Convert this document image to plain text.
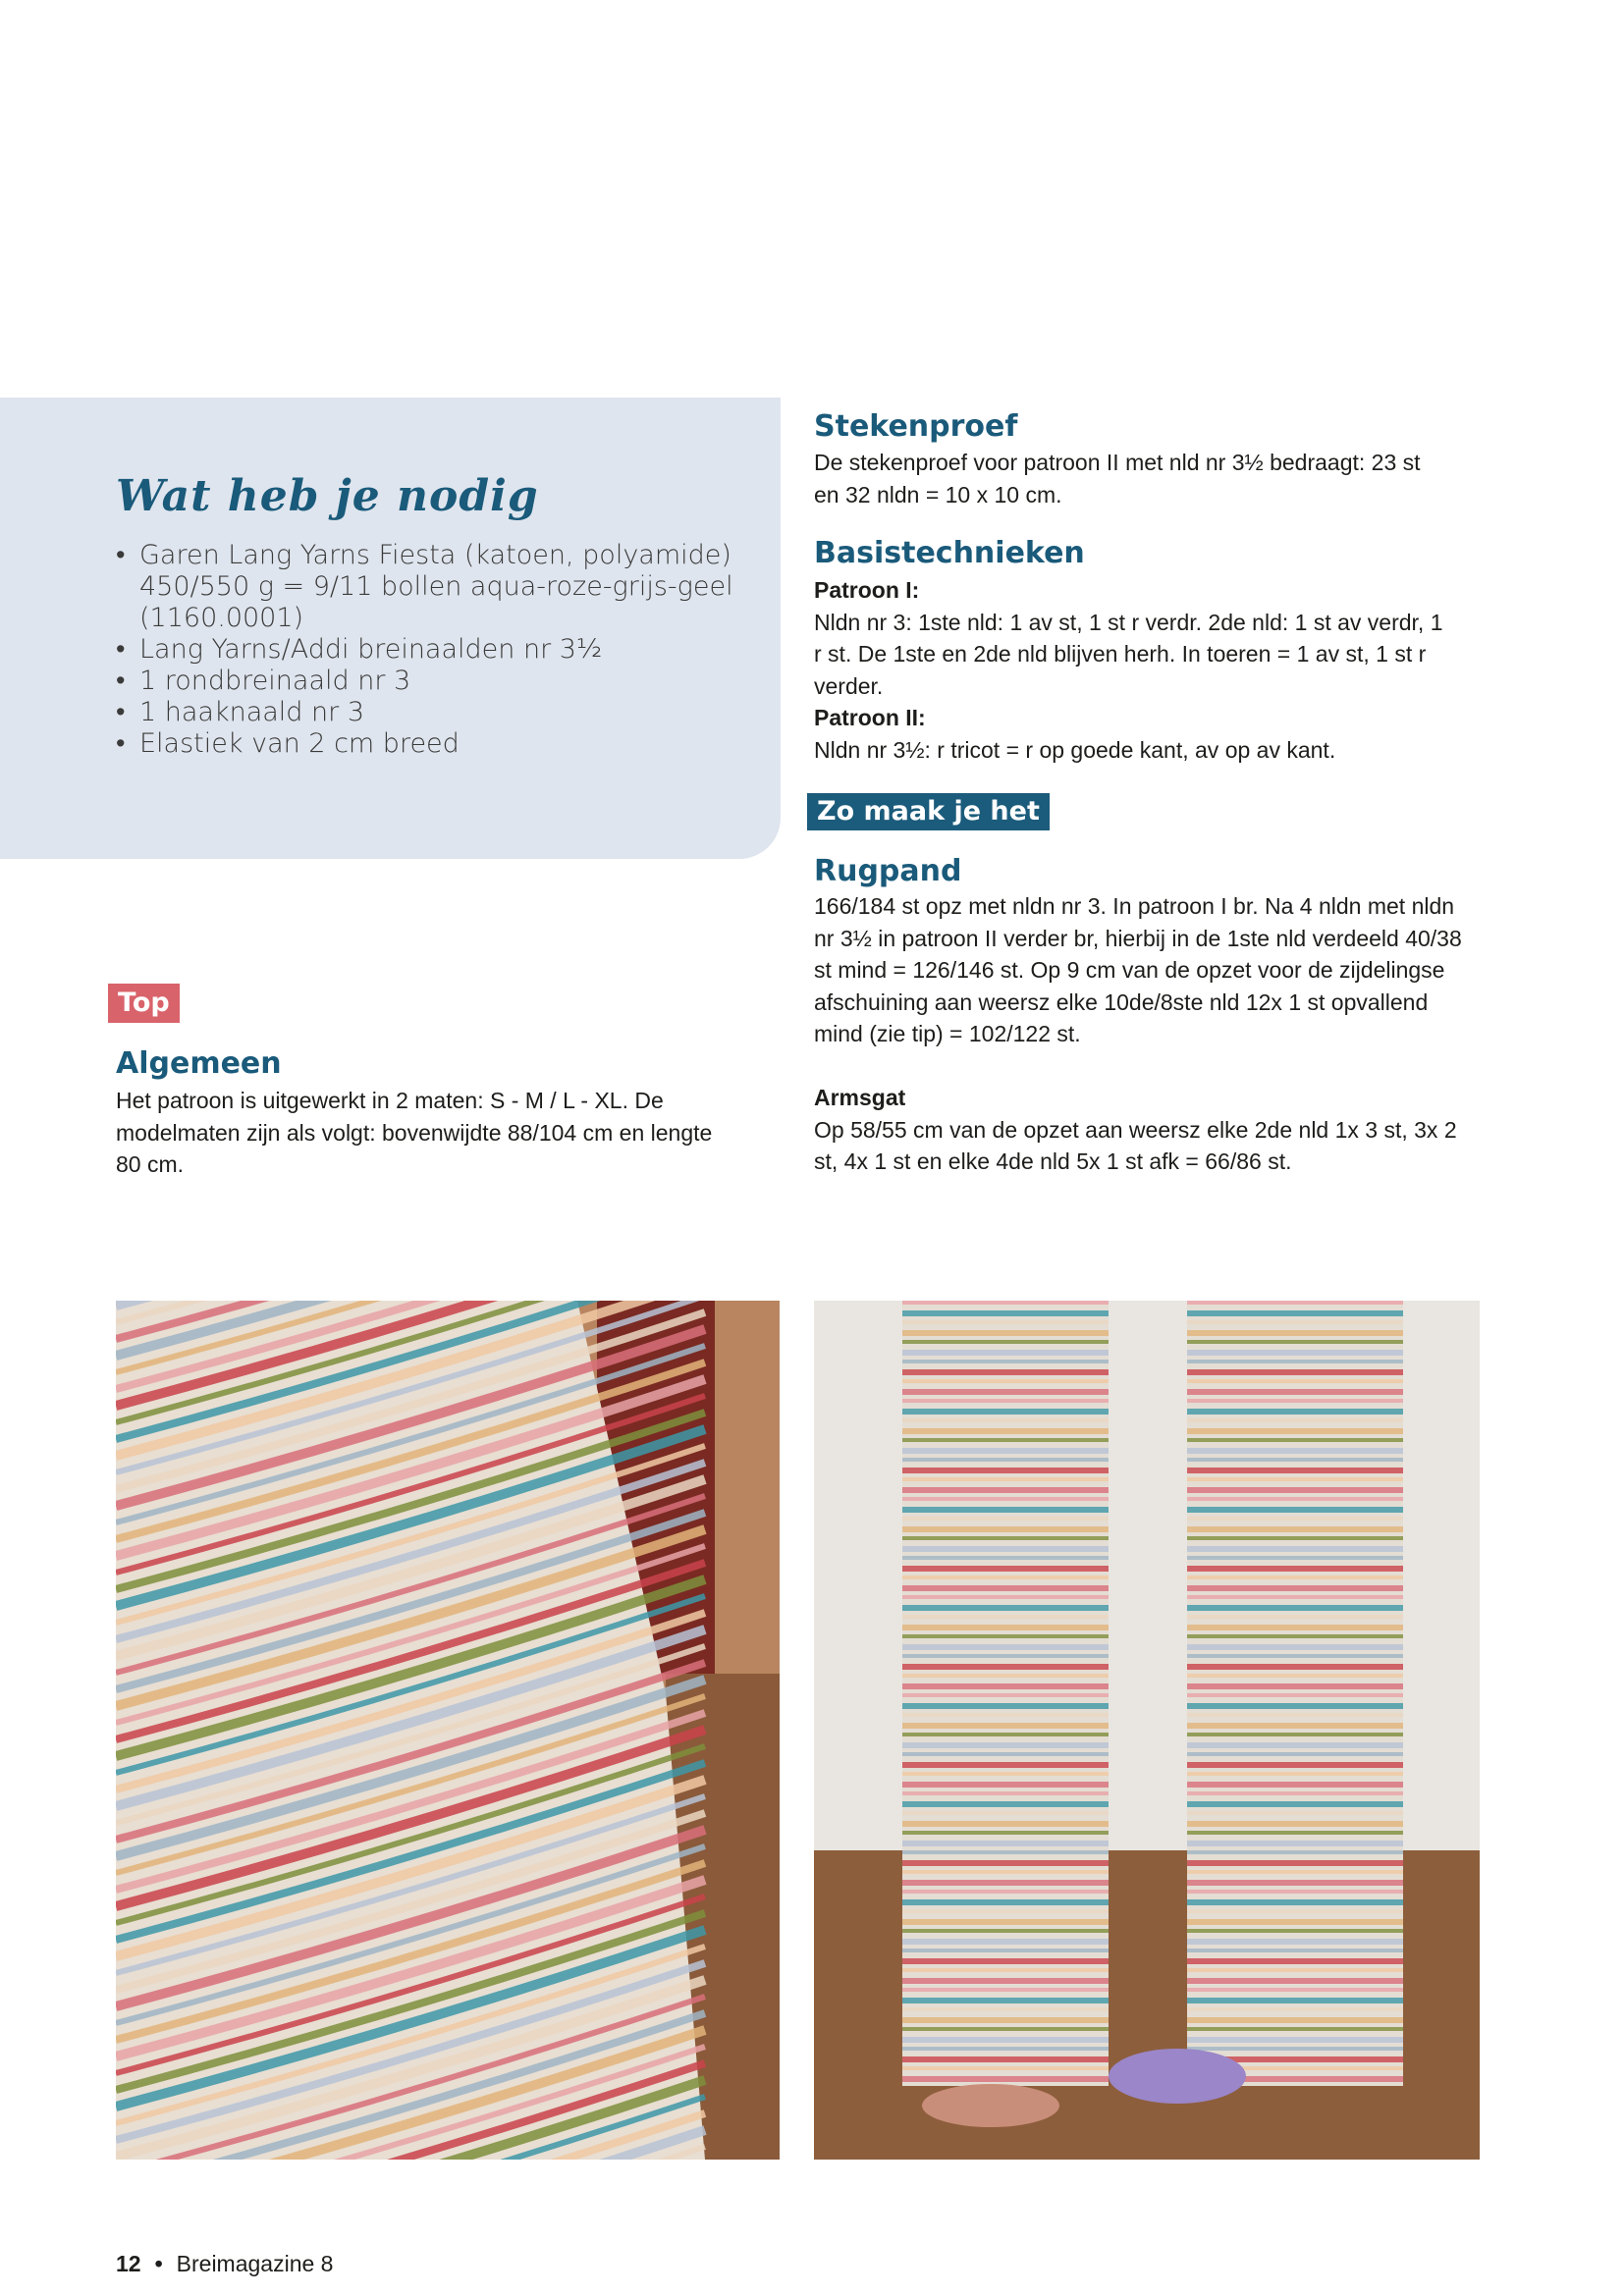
Wat heb je nodig
• Garen Lang Yarns Fiesta (katoen, polyamide) 450/550 g = 9/11 bollen aqua-roze-grijs-geel (1160.0001)
• Lang Yarns/Addi breinaalden nr 3½
• 1 rondbreinaald nr 3
• 1 haaknaald nr 3
• Elastiek van 2 cm breed
Top
Algemeen

Het patroon is uitgewerkt in 2 maten: S - M / L - XL. De modelmaten zijn als volgt: bovenwijdte 88/104 cm en lengte 80 cm.

Stekenproef

De stekenproef voor patroon II met nld nr 3½ bedraagt: 23 st en 32 nldn = 10 x 10 cm.

Basistechnieken
Patroon I:
Nldn nr 3: 1ste nld: 1 av st, 1 st r verdr. 2de nld: 1 st av verdr, 1 r st. De 1ste en 2de nld blijven herh. In toeren = 1 av st, 1 st r verder.
Patroon II:
Nldn nr 3½: r tricot = r op goede kant, av op av kant.
Zo maak je het
Rugpand

166/184 st opz met nldn nr 3. In patroon I br. Na 4 nldn met nldn nr 3½ in patroon II verder br, hierbij in de 1ste nld verdeeld 40/38 st mind = 126/146 st. Op 9 cm van de opzet voor de zijdelingse afschuining aan weersz elke 10de/8ste nld 12x 1 st opvallend mind (zie tip) = 102/122 st.

Armsgat
Op 58/55 cm van de opzet aan weersz elke 2de nld 1x 3 st, 3x 2 st, 4x 1 st en elke 4de nld 5x 1 st afk = 66/86 st.

12 • Breimagazine 8
